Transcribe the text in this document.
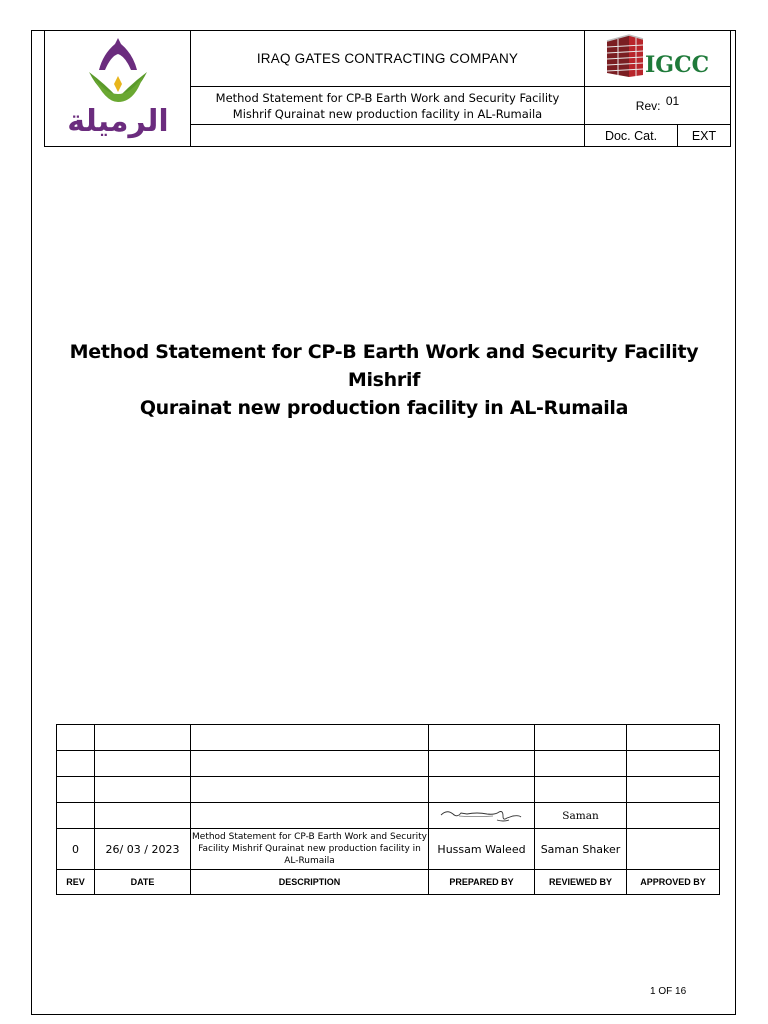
الرميلة	IRAQ GATES CONTRACTING COMPANY	IGCC	

	Method Statement for CP-B Earth Work and Security Facility
Mishrif Qurainat new production facility in AL-Rumaila	Rev: 01	
		Doc. Cat.	EXT
Method Statement for CP-B Earth Work and Security Facility Mishrif
Qurainat new production facility in AL-Rumaila

				Saman	
0	26/ 03 / 2023	Method Statement for CP-B Earth Work and Security Facility Mishrif Qurainat new production facility in AL-Rumaila	Hussam Waleed	Saman Shaker	
REV	DATE	DESCRIPTION	PREPARED BY	REVIEWED BY	APPROVED BY
1 OF 16
